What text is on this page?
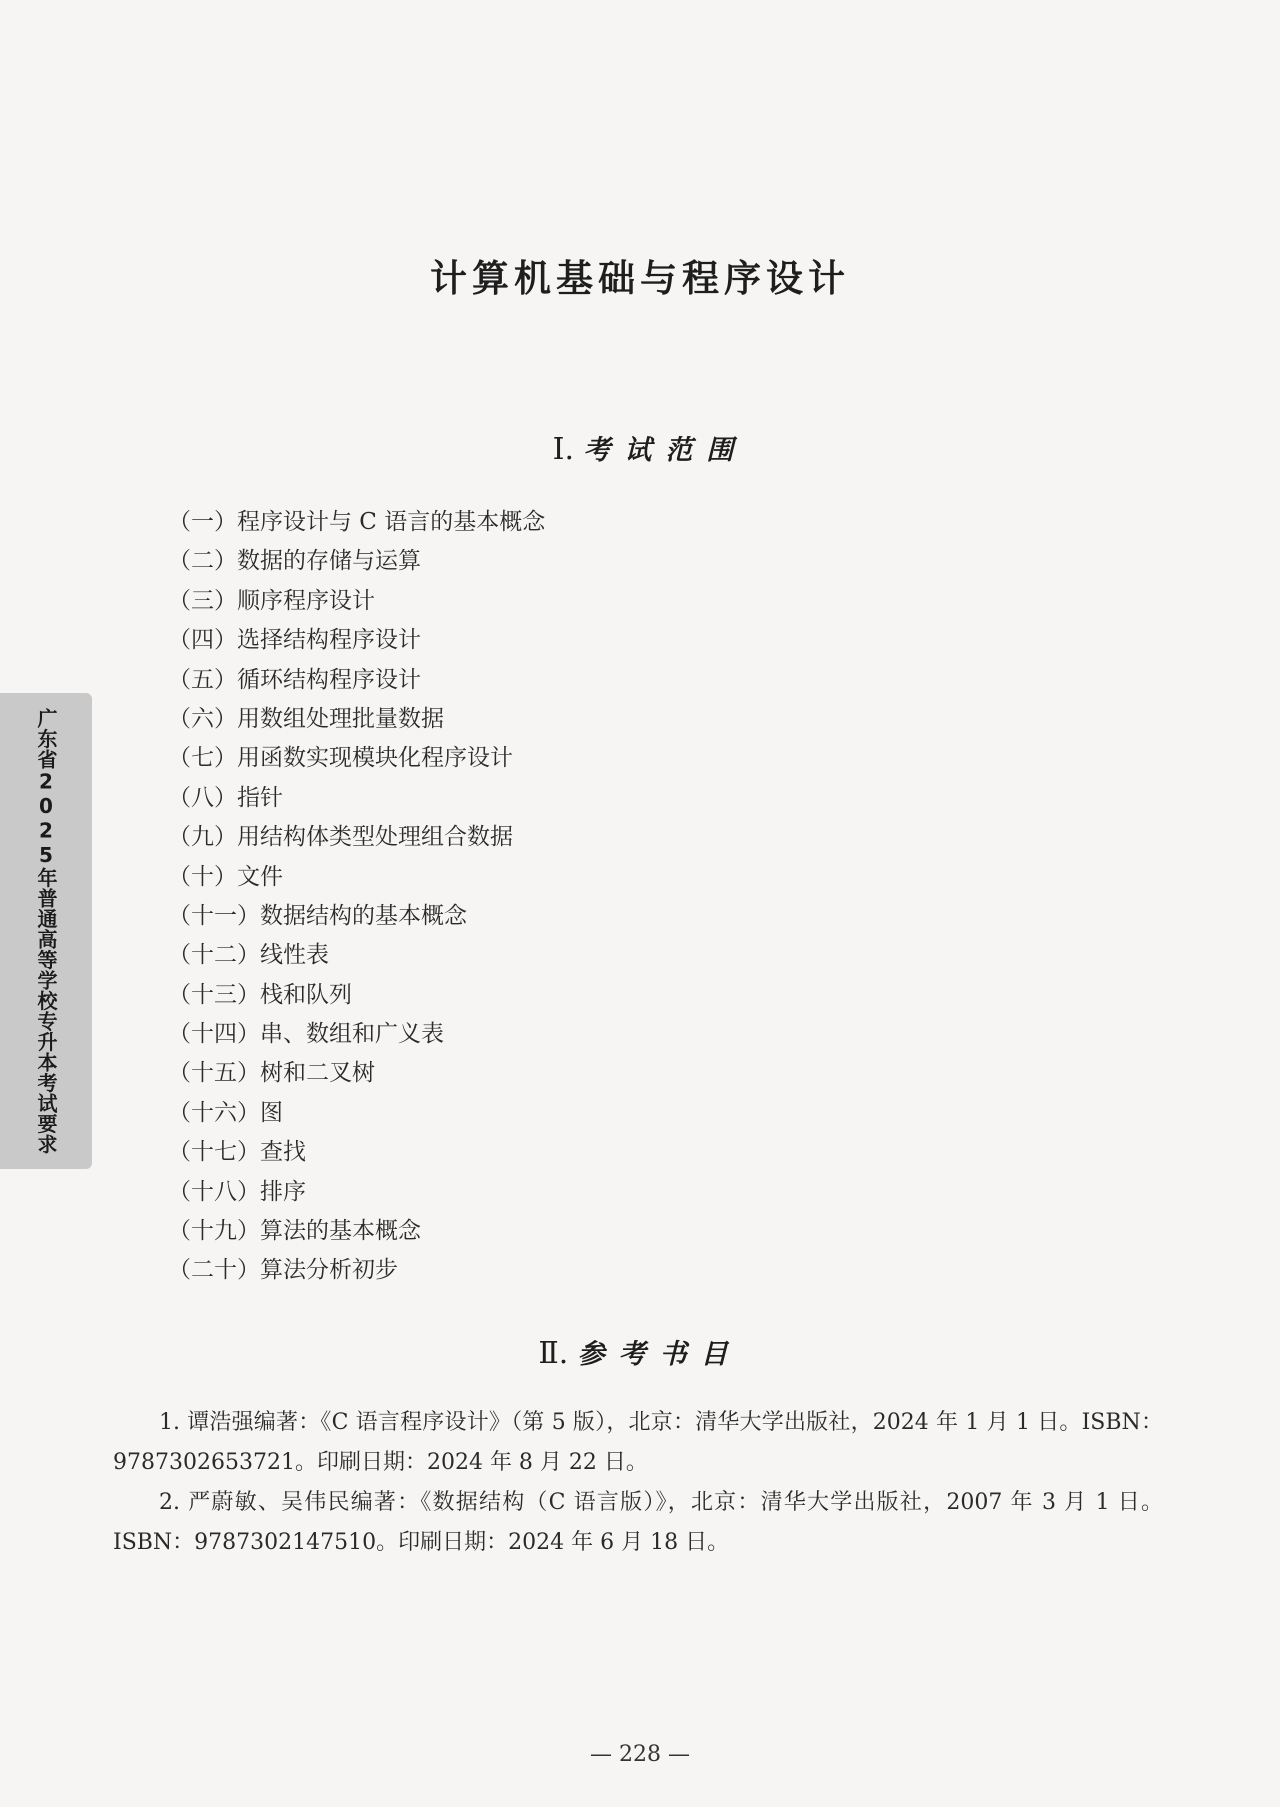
计算机基础与程序设计
Ⅰ. 考试范围
（一）程序设计与 C 语言的基本概念
（二）数据的存储与运算
（三）顺序程序设计
（四）选择结构程序设计
（五）循环结构程序设计
（六）用数组处理批量数据
（七）用函数实现模块化程序设计
（八）指针
（九）用结构体类型处理组合数据
（十）文件
（十一）数据结构的基本概念
（十二）线性表
（十三）栈和队列
（十四）串、数组和广义表
（十五）树和二叉树
（十六）图
（十七）查找
（十八）排序
（十九）算法的基本概念
（二十）算法分析初步
Ⅱ. 参考书目

1. 谭浩强编著：《C 语言程序设计》（第 5 版），北京：清华大学出版社，2024 年 1 月 1 日。ISBN：9787302653721。印刷日期：2024 年 8 月 22 日。

2. 严蔚敏、吴伟民编著：《数据结构（C 语言版）》，北京：清华大学出版社，2007 年 3 月 1 日。ISBN：9787302147510。印刷日期：2024 年 6 月 18 日。

广东省2025年普通高等学校专升本考试要求
— 228 —
